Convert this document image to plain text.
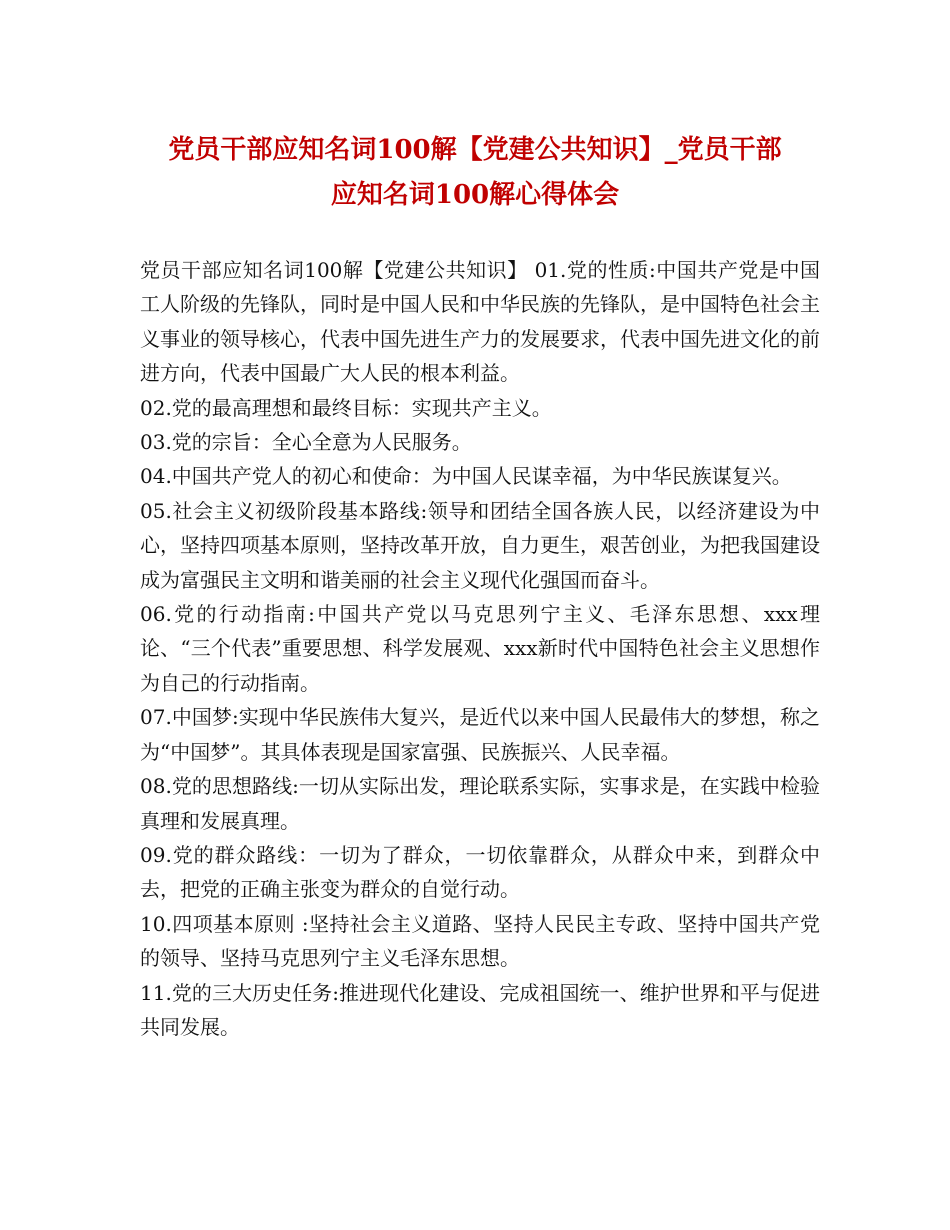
党员干部应知名词100解【党建公共知识】_党员干部
应知名词100解心得体会

党员干部应知名词100解【党建公共知识】 01.党的性质:中国共产党是中国工人阶级的先锋队，同时是中国人民和中华民族的先锋队，是中国特色社会主义事业的领导核心，代表中国先进生产力的发展要求，代表中国先进文化的前进方向，代表中国最广大人民的根本利益。

02.党的最高理想和最终目标：实现共产主义。

03.党的宗旨：全心全意为人民服务。

04.中国共产党人的初心和使命：为中国人民谋幸福，为中华民族谋复兴。

05.社会主义初级阶段基本路线:领导和团结全国各族人民，以经济建设为中心，坚持四项基本原则，坚持改革开放，自力更生，艰苦创业，为把我国建设成为富强民主文明和谐美丽的社会主义现代化强国而奋斗。

06.党的行动指南:中国共产党以马克思列宁主义、毛泽东思想、xxx理论、“三个代表”重要思想、科学发展观、xxx新时代中国特色社会主义思想作为自己的行动指南。

07.中国梦:实现中华民族伟大复兴，是近代以来中国人民最伟大的梦想，称之为“中国梦”。其具体表现是国家富强、民族振兴、人民幸福。

08.党的思想路线:一切从实际出发，理论联系实际，实事求是，在实践中检验真理和发展真理。

09.党的群众路线：一切为了群众，一切依靠群众，从群众中来，到群众中去，把党的正确主张变为群众的自觉行动。

10.四项基本原则 :坚持社会主义道路、坚持人民民主专政、坚持中国共产党的领导、坚持马克思列宁主义毛泽东思想。

11.党的三大历史任务:推进现代化建设、完成祖国统一、维护世界和平与促进共同发展。
